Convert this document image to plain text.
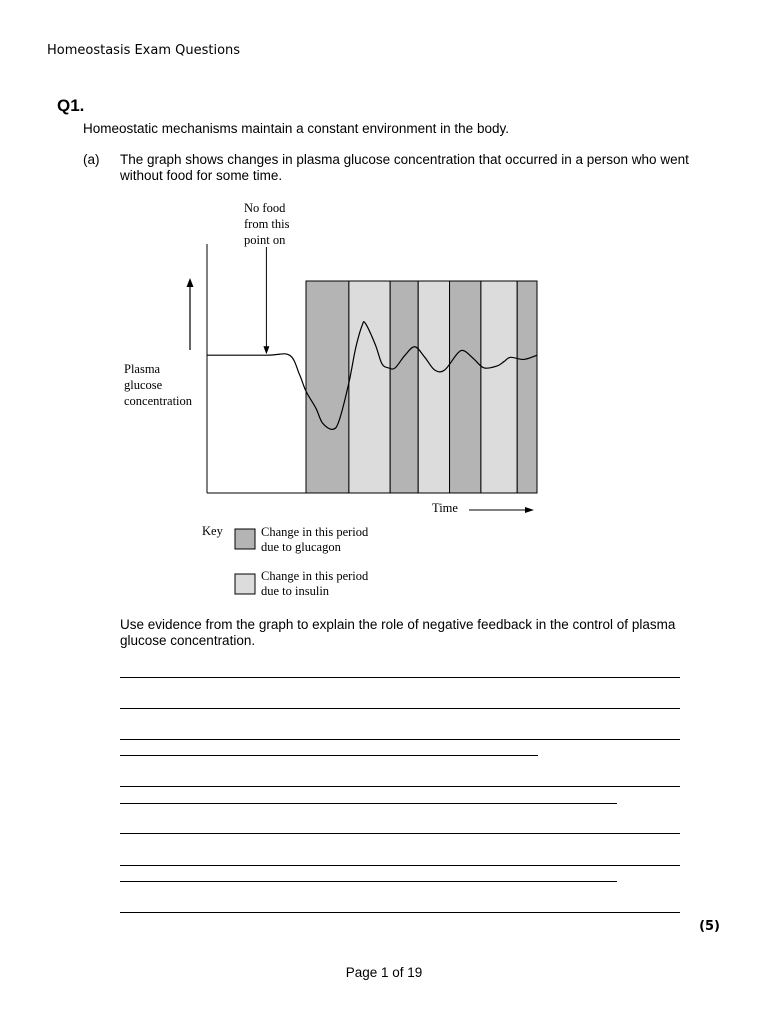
Homeostasis Exam Questions
Q1.
Homeostatic mechanisms maintain a constant environment in the body.
(a) The graph shows changes in plasma glucose concentration that occurred in a person who went without food for some time.
No food from this point on
Plasma glucose concentration
Time
Key	Change in this period due to glucagon
Change in this period due to insulin
Use evidence from the graph to explain the role of negative feedback in the control of plasma glucose concentration.
(5)
Page 1 of 19
